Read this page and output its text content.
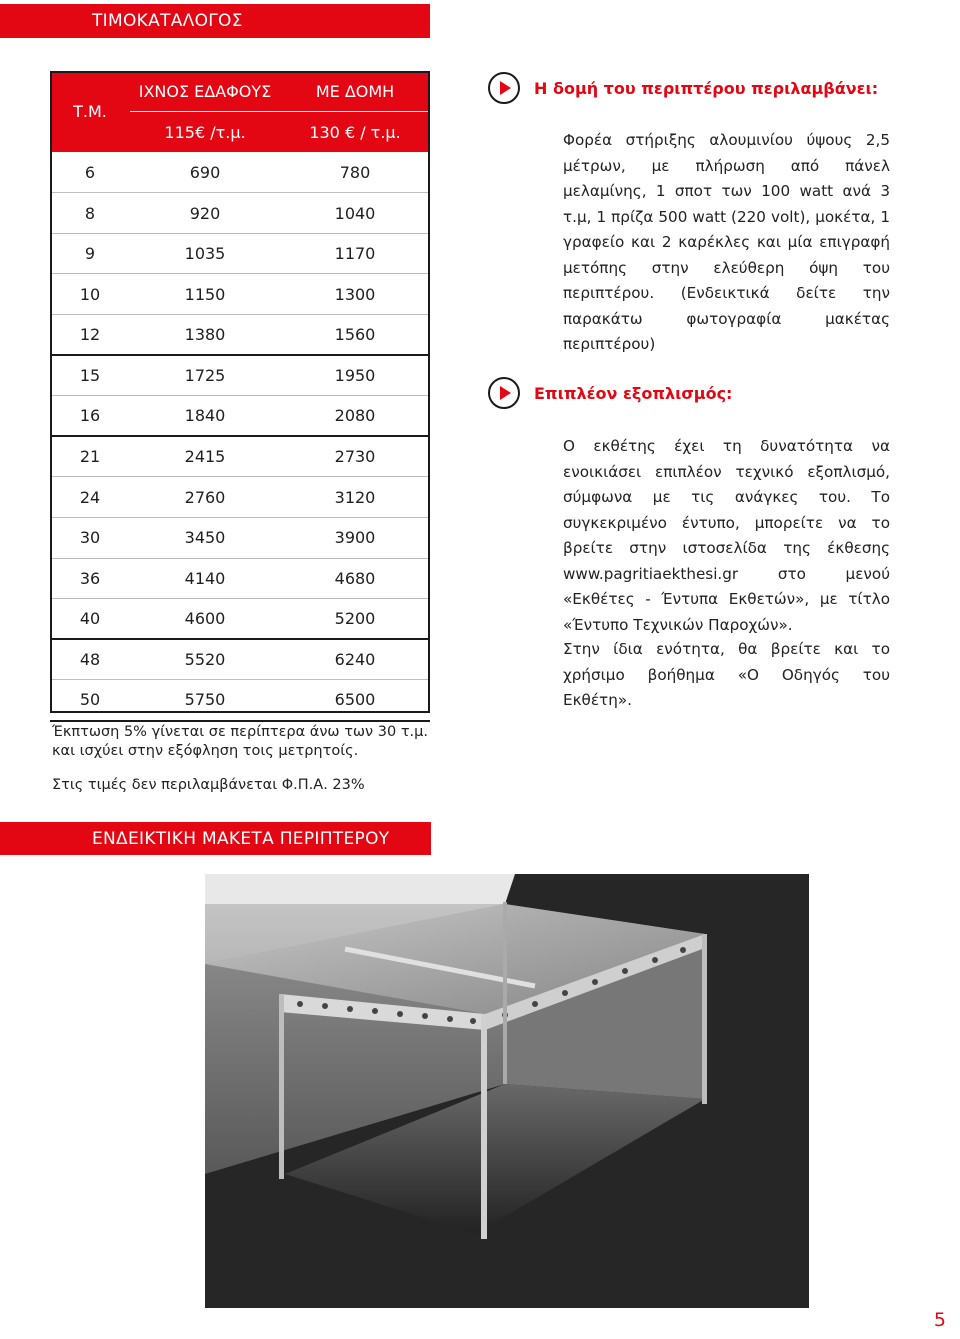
ΤΙΜΟΚΑΤΑΛΟΓΟΣ
Τ.Μ.	ΙΧΝΟΣ ΕΔΑΦΟΥΣ	ΜΕ ΔΟΜΗ
	115€ /τ.μ.	130 € / τ.μ.
6	690	780
8	920	1040
9	1035	1170
10	1150	1300
12	1380	1560
15	1725	1950
16	1840	2080
21	2415	2730
24	2760	3120
30	3450	3900
36	4140	4680
40	4600	5200
48	5520	6240
50	5750	6500
Έκπτωση 5% γίνεται σε περίπτερα άνω των 30 τ.μ. και ισχύει στην εξόφληση τοις μετρητοίς.
Στις τιμές δεν περιλαμβάνεται Φ.Π.Α. 23%
ΕΝΔΕΙΚΤΙΚΗ ΜΑΚΕΤΑ ΠΕΡΙΠΤΕΡΟΥ
Η δομή του περιπτέρου περιλαμβάνει:
Φορέα στήριξης αλουμινίου ύψους 2,5 μέτρων, με πλήρωση από πάνελ μελαμίνης, 1 σποτ των 100 watt ανά 3 τ.μ, 1 πρίζα 500 watt (220 volt), μοκέτα, 1 γραφείο και 2 καρέκλες και μία επιγραφή μετόπης στην ελεύθερη όψη του περιπτέρου. (Ενδεικτικά δείτε την παρακάτω φωτογραφία μακέτας περιπτέρου)
Επιπλέον εξοπλισμός:
Ο εκθέτης έχει τη δυνατότητα να ενοικιάσει επιπλέον τεχνικό εξοπλισμό, σύμφωνα με τις ανάγκες του. Το συγκεκριμένο έντυπο, μπορείτε να το βρείτε στην ιστοσελίδα της έκθεσης www.pagritiaekthesi.gr στο μενού «Εκθέτες - Έντυπα Εκθετών», με τίτλο «Έντυπο Τεχνικών Παροχών».
Στην ίδια ενότητα, θα βρείτε και το χρήσιμο βοήθημα «Ο Οδηγός του Εκθέτη».
5
